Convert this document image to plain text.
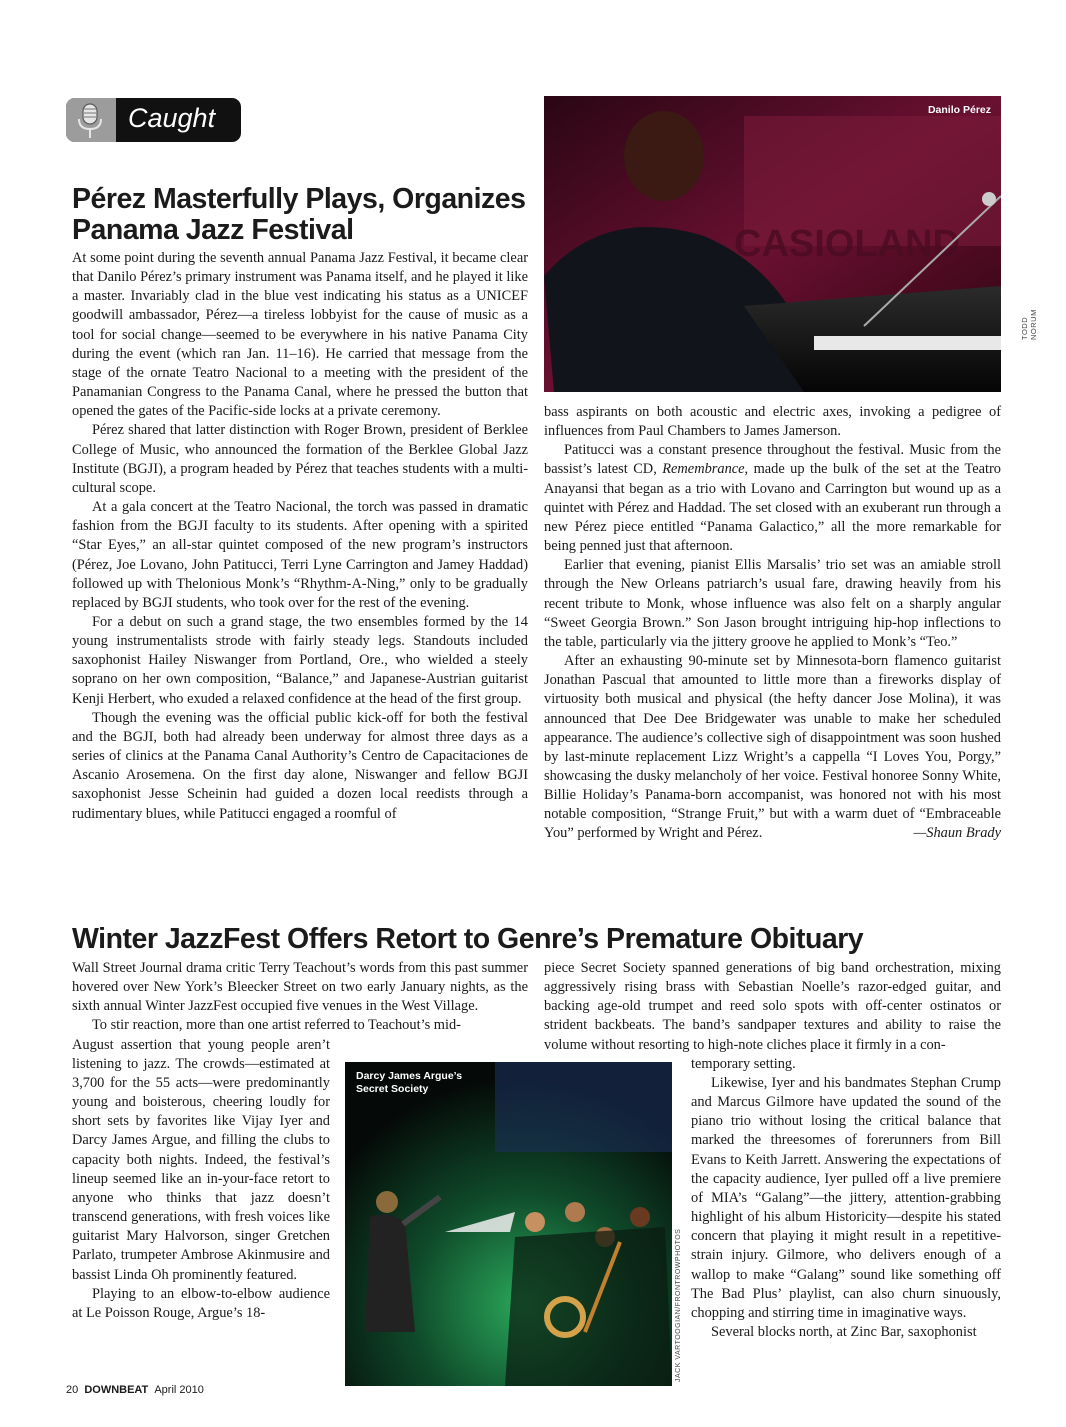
Caught
Pérez Masterfully Plays, Organizes Panama Jazz Festival	CASIOLAND
Danilo Pérez
TODD NORUM

At some point during the seventh annual Panama Jazz Festival, it became clear that Danilo Pérez’s primary instrument was Panama itself, and he played it like a master. Invariably clad in the blue vest indicating his status as a UNICEF goodwill ambassador, Pérez—a tireless lobbyist for the cause of music as a tool for social change—seemed to be everywhere in his native Panama City during the event (which ran Jan. 11–16). He carried that message from the stage of the ornate Teatro Nacional to a meeting with the president of the Panamanian Congress to the Panama Canal, where he pressed the button that opened the gates of the Pacific-side locks at a private ceremony.

Pérez shared that latter distinction with Roger Brown, president of Berklee College of Music, who announced the formation of the Berklee Global Jazz Institute (BGJI), a program headed by Pérez that teaches students with a multi-cultural scope.

At a gala concert at the Teatro Nacional, the torch was passed in dramatic fashion from the BGJI faculty to its students. After opening with a spirited “Star Eyes,” an all-star quintet composed of the new program’s instructors (Pérez, Joe Lovano, John Patitucci, Terri Lyne Carrington and Jamey Haddad) followed up with Thelonious Monk’s “Rhythm-A-Ning,” only to be gradually replaced by BGJI students, who took over for the rest of the evening.

For a debut on such a grand stage, the two ensembles formed by the 14 young instrumentalists strode with fairly steady legs. Standouts included saxophonist Hailey Niswanger from Portland, Ore., who wielded a steely soprano on her own composition, “Balance,” and Japanese-Austrian guitarist Kenji Herbert, who exuded a relaxed confidence at the head of the first group.

Though the evening was the official public kick-off for both the festival and the BGJI, both had already been underway for almost three days as a series of clinics at the Panama Canal Authority’s Centro de Capacitaciones de Ascanio Arosemena. On the first day alone, Niswanger and fellow BGJI saxophonist Jesse Scheinin had guided a dozen local reedists through a rudimentary blues, while Patitucci engaged a roomful of

bass aspirants on both acoustic and electric axes, invoking a pedigree of influences from Paul Chambers to James Jamerson.

Patitucci was a constant presence throughout the festival. Music from the bassist’s latest CD, Remembrance, made up the bulk of the set at the Teatro Anayansi that began as a trio with Lovano and Carrington but wound up as a quintet with Pérez and Haddad. The set closed with an exuberant run through a new Pérez piece entitled “Panama Galactico,” all the more remarkable for being penned just that afternoon.

Earlier that evening, pianist Ellis Marsalis’ trio set was an amiable stroll through the New Orleans patriarch’s usual fare, drawing heavily from his recent tribute to Monk, whose influence was also felt on a sharply angular “Sweet Georgia Brown.” Son Jason brought intriguing hip-hop inflections to the table, particularly via the jittery groove he applied to Monk’s “Teo.”

After an exhausting 90-minute set by Minnesota-born flamenco guitarist Jonathan Pascual that amounted to little more than a fireworks display of virtuosity both musical and physical (the hefty dancer Jose Molina), it was announced that Dee Dee Bridgewater was unable to make her scheduled appearance. The audience’s collective sigh of disappointment was soon hushed by last-minute replacement Lizz Wright’s a cappella “I Loves You, Porgy,” showcasing the dusky melancholy of her voice. Festival honoree Sonny White, Billie Holiday’s Panama-born accompanist, was honored not with his most notable composition, “Strange Fruit,” but with a warm duet of “Embraceable You” performed by Wright and Pérez.	—Shaun Brady

Winter JazzFest Offers Retort to Genre’s Premature Obituary

Wall Street Journal drama critic Terry Teachout’s words from this past summer hovered over New York’s Bleecker Street on two early January nights, as the sixth annual Winter JazzFest occupied five venues in the West Village.

To stir reaction, more than one artist referred to Teachout’s mid-

August assertion that young people aren’t listening to jazz. The crowds—estimated at 3,700 for the 55 acts—were predominantly young and boisterous, cheering loudly for short sets by favorites like Vijay Iyer and Darcy James Argue, and filling the clubs to capacity both nights. Indeed, the festival’s lineup seemed like an in-your-face retort to anyone who thinks that jazz doesn’t transcend generations, with fresh voices like guitarist Mary Halvorson, singer Gretchen Parlato, trumpeter Ambrose Akinmusire and bassist Linda Oh prominently featured.

Playing to an elbow-to-elbow audience at Le Poisson Rouge, Argue’s 18-

Darcy James Argue’s
Secret Society
JACK VARTOOGIAN/FRONTROWPHOTOS

piece Secret Society spanned generations of big band orchestration, mixing aggressively rising brass with Sebastian Noelle’s razor-edged guitar, and backing age-old trumpet and reed solo spots with off-center ostinatos or strident backbeats. The band’s sandpaper textures and ability to raise the volume without resorting to high-note cliches place it firmly in a con-

temporary setting.

Likewise, Iyer and his bandmates Stephan Crump and Marcus Gilmore have updated the sound of the piano trio without losing the critical balance that marked the threesomes of forerunners from Bill Evans to Keith Jarrett. Answering the expectations of the capacity audience, Iyer pulled off a live premiere of MIA’s “Galang”—the jittery, attention-grabbing highlight of his album Historicity—despite his stated concern that playing it might result in a repetitive-strain injury. Gilmore, who delivers enough of a wallop to make “Galang” sound like something off The Bad Plus’ playlist, can also churn sinuously, chopping and stirring time in imaginative ways.

Several blocks north, at Zinc Bar, saxophonist

20 DOWNBEAT April 2010
